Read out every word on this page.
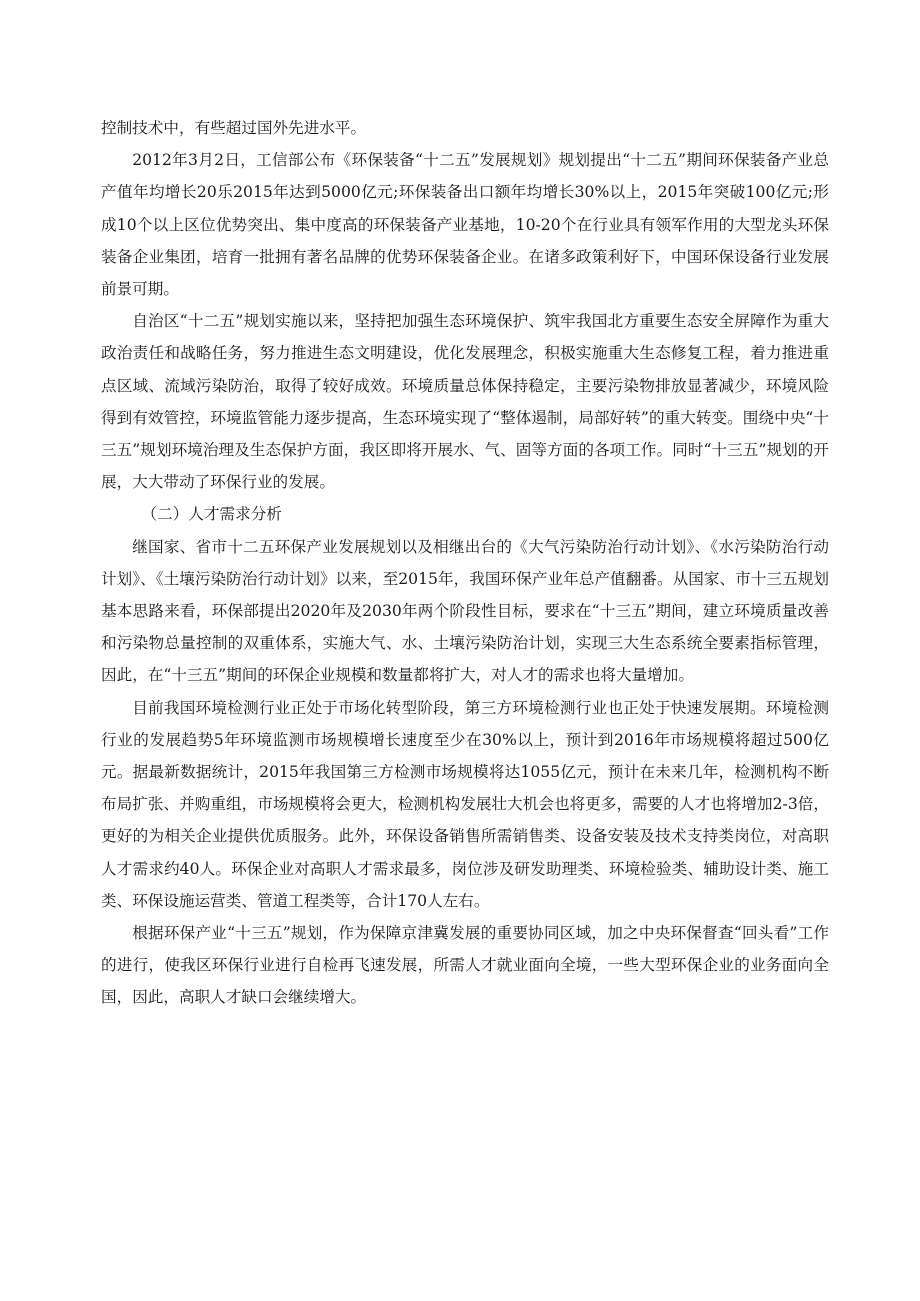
控制技术中，有些超过国外先进水平。

2012年3月2日，工信部公布《环保装备“十二五”发展规划》规划提出“十二五”期间环保装备产业总产值年均增长20乐2015年达到5000亿元;环保装备出口额年均增长30%以上，2015年突破100亿元;形成10个以上区位优势突出、集中度高的环保装备产业基地，10-20个在行业具有领军作用的大型龙头环保装备企业集团，培育一批拥有著名品牌的优势环保装备企业。在诸多政策利好下，中国环保设备行业发展前景可期。

自治区“十二五”规划实施以来，坚持把加强生态环境保护、筑牢我国北方重要生态安全屏障作为重大政治责任和战略任务，努力推进生态文明建设，优化发展理念，积极实施重大生态修复工程，着力推进重点区域、流域污染防治，取得了较好成效。环境质量总体保持稳定，主要污染物排放显著减少，环境风险得到有效管控，环境监管能力逐步提高，生态环境实现了“整体遏制，局部好转”的重大转变。围绕中央“十三五”规划环境治理及生态保护方面，我区即将开展水、气、固等方面的各项工作。同时“十三五”规划的开展，大大带动了环保行业的发展。

（二）人才需求分析

继国家、省市十二五环保产业发展规划以及相继出台的《大气污染防治行动计划》、《水污染防治行动计划》、《土壤污染防治行动计划》以来，至2015年，我国环保产业年总产值翻番。从国家、市十三五规划基本思路来看，环保部提出2020年及2030年两个阶段性目标，要求在“十三五”期间，建立环境质量改善和污染物总量控制的双重体系，实施大气、水、土壤污染防治计划，实现三大生态系统全要素指标管理，因此，在“十三五”期间的环保企业规模和数量都将扩大，对人才的需求也将大量增加。

目前我国环境检测行业正处于市场化转型阶段，第三方环境检测行业也正处于快速发展期。环境检测行业的发展趋势5年环境监测市场规模增长速度至少在30%以上，预计到2016年市场规模将超过500亿元。据最新数据统计，2015年我国第三方检测市场规模将达1055亿元，预计在未来几年，检测机构不断布局扩张、并购重组，市场规模将会更大，检测机构发展壮大机会也将更多，需要的人才也将增加2-3倍，更好的为相关企业提供优质服务。此外，环保设备销售所需销售类、设备安装及技术支持类岗位，对高职人才需求约40人。环保企业对高职人才需求最多，岗位涉及研发助理类、环境检验类、辅助设计类、施工类、环保设施运营类、管道工程类等，合计170人左右。

根据环保产业“十三五”规划，作为保障京津冀发展的重要协同区域，加之中央环保督查“回头看”工作的进行，使我区环保行业进行自检再飞速发展，所需人才就业面向全境，一些大型环保企业的业务面向全国，因此，高职人才缺口会继续增大。
